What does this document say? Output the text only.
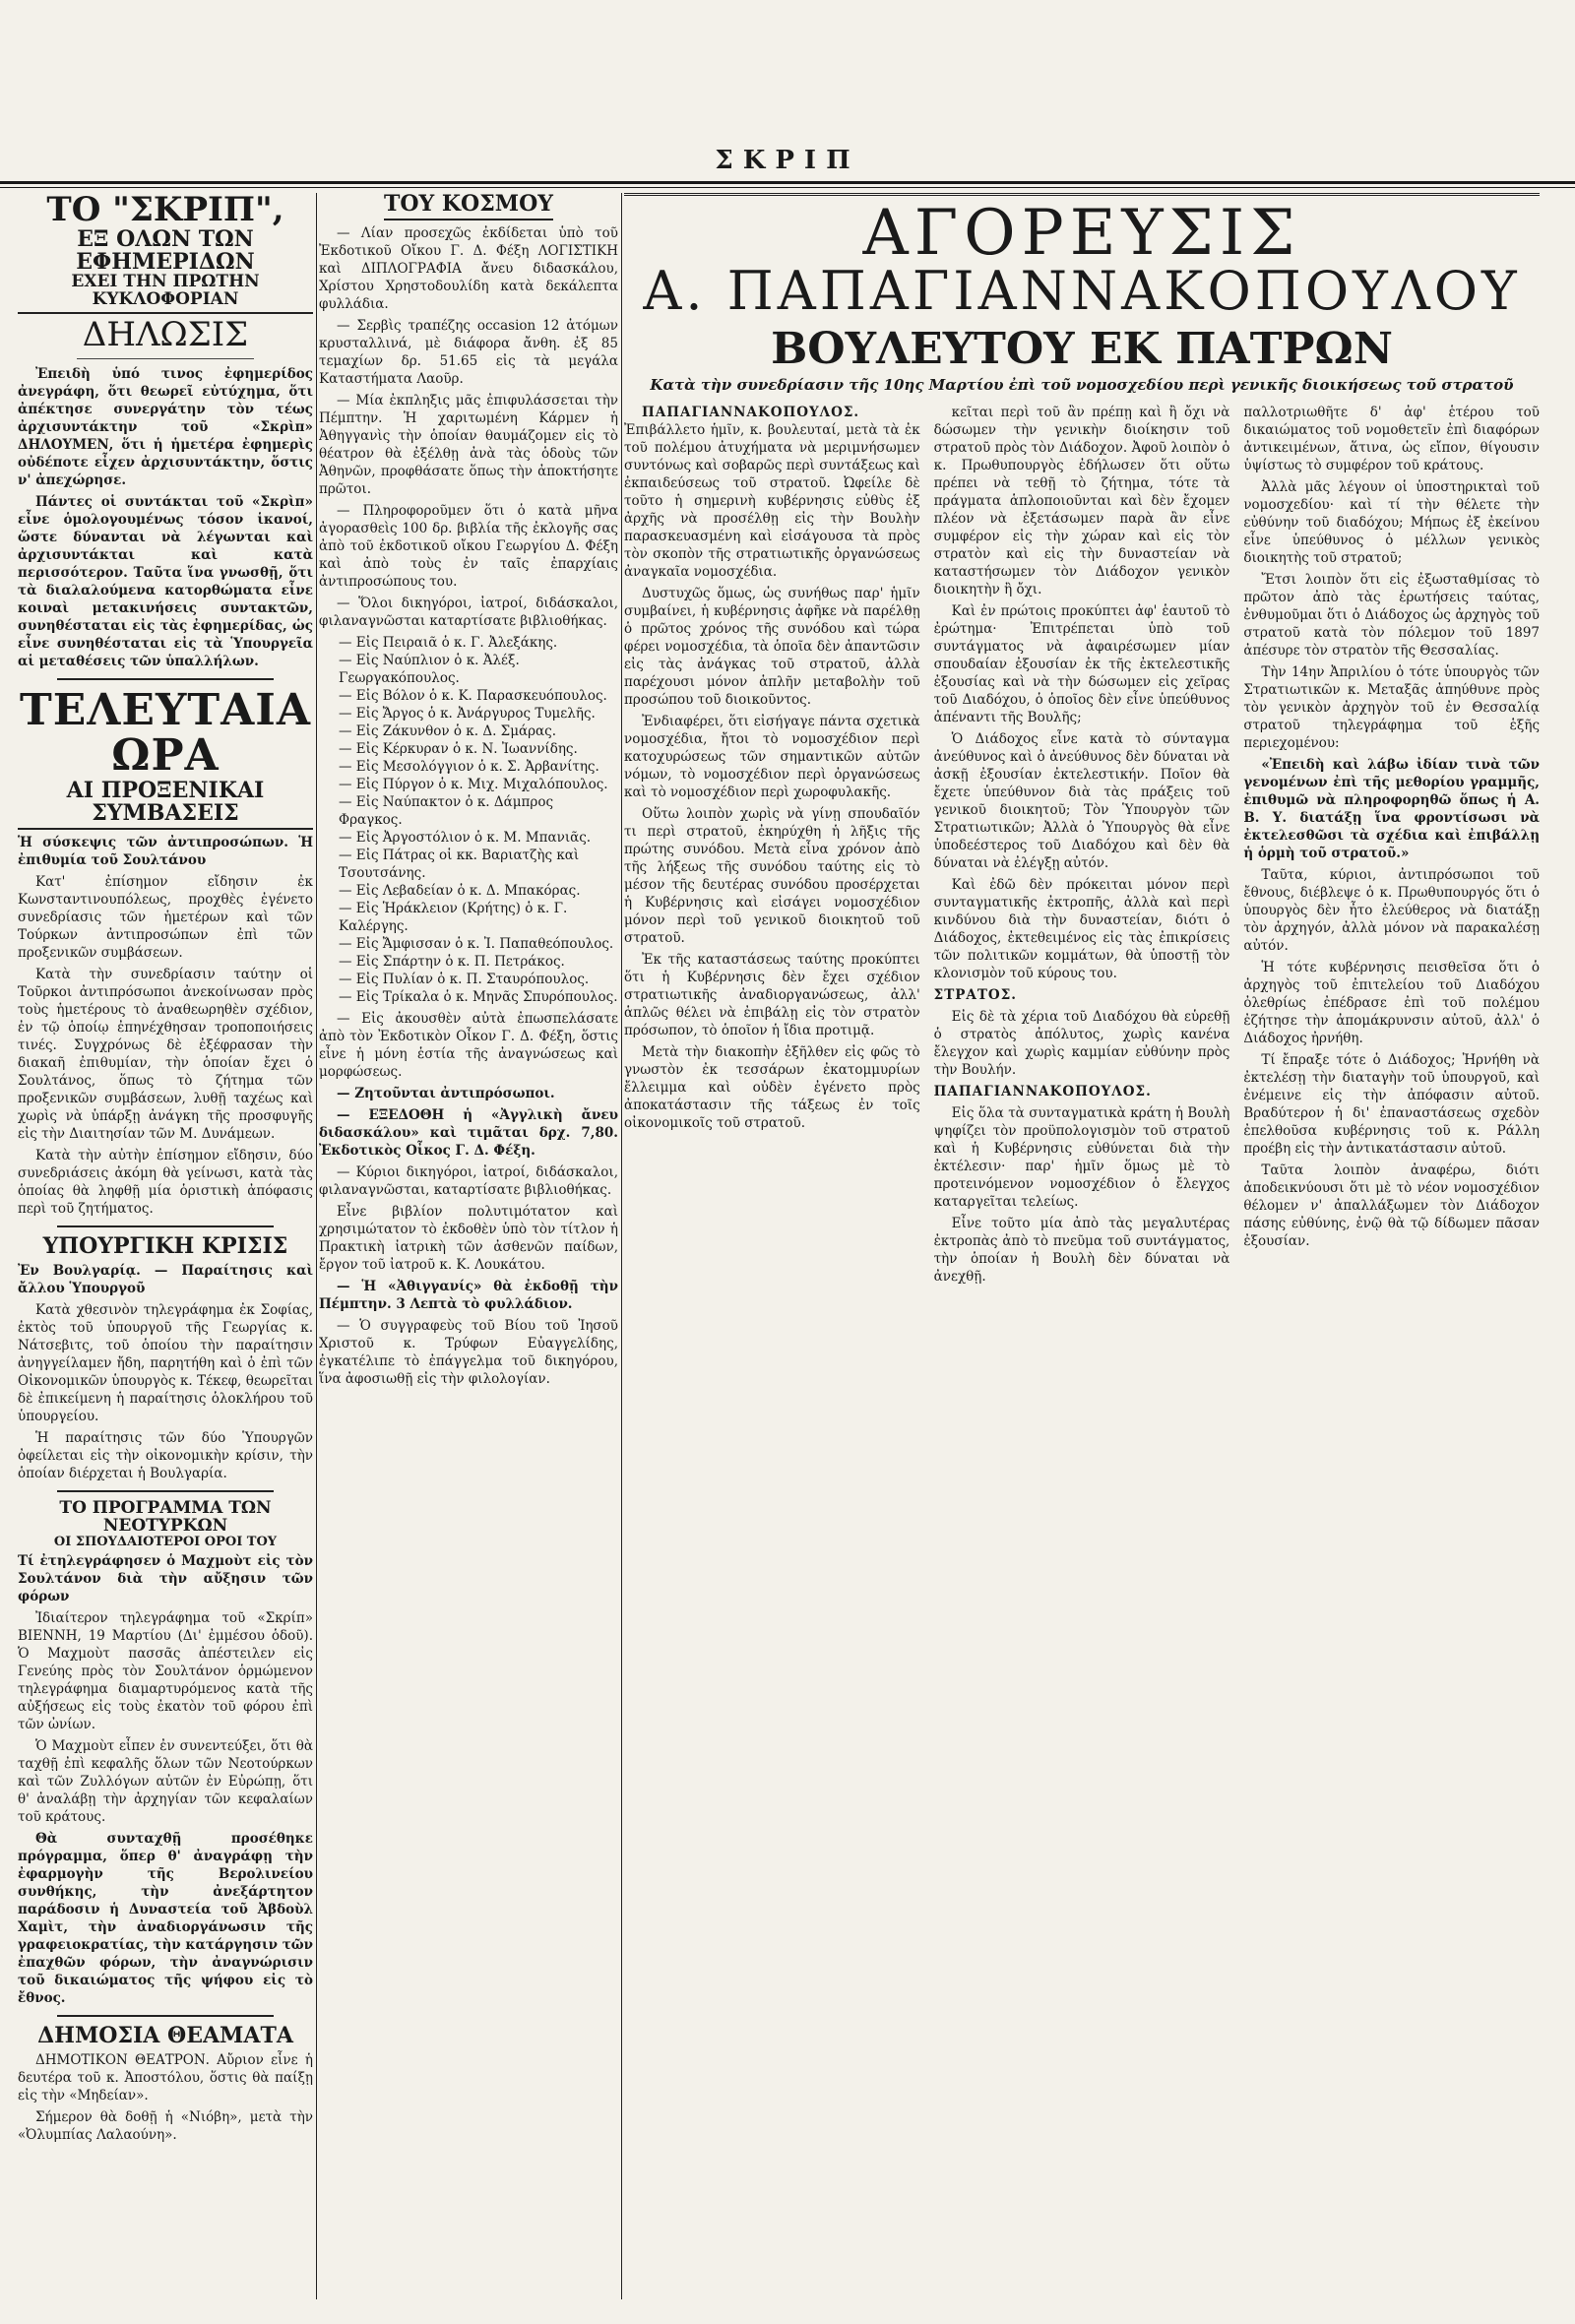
ΣΚΡΙΠ
ΤΟ "ΣΚΡΙΠ",
ΕΞ ΟΛΩΝ ΤΩΝ ΕΦΗΜΕΡΙΔΩΝ
ΕΧΕΙ ΤΗΝ ΠΡΩΤΗΝ ΚΥΚΛΟΦΟΡΙΑΝ
ΔΗΛΩΣΙΣ

Ἐπειδὴ ὑπό τινος ἐφημερίδος ἀνεγράφη, ὅτι θεωρεῖ εὐτύχημα, ὅτι ἀπέκτησε συνεργάτην τὸν τέως ἀρχισυντάκτην τοῦ «Σκρὶπ» ΔΗΛΟΥΜΕΝ, ὅτι ἡ ἡμετέρα ἐφημερὶς οὐδέποτε εἶχεν ἀρχισυντάκτην, ὅστις ν' ἀπεχώρησε.

Πάντες οἱ συντάκται τοῦ «Σκρὶπ» εἶνε ὁμολογουμένως τόσον ἱκανοί, ὥστε δύνανται νὰ λέγωνται καὶ ἀρχισυντάκται καὶ κατὰ περισσότερον. Ταῦτα ἵνα γνωσθῇ, ὅτι τὰ διαλαλούμενα κατορθώματα εἶνε κοιναὶ μετακινήσεις συντακτῶν, συνηθέσταται εἰς τὰς ἐφημερίδας, ὡς εἶνε συνηθέσταται εἰς τὰ Ὑπουργεῖα αἱ μεταθέσεις τῶν ὑπαλλήλων.

ΤΕΛΕΥΤΑΙΑ ΩΡΑ
ΑΙ ΠΡΟΞΕΝΙΚΑΙ ΣΥΜΒΑΣΕΙΣ

Ἡ σύσκεψις τῶν ἀντιπροσώπων. Ἡ ἐπιθυμία τοῦ Σουλτάνου

Κατ' ἐπίσημον εἴδησιν ἐκ Κωνσταντινουπόλεως, προχθὲς ἐγένετο συνεδρίασις τῶν ἡμετέρων καὶ τῶν Τούρκων ἀντιπροσώπων ἐπὶ τῶν προξενικῶν συμβάσεων.

Κατὰ τὴν συνεδρίασιν ταύτην οἱ Τοῦρκοι ἀντιπρόσωποι ἀνεκοίνωσαν πρὸς τοὺς ἡμετέρους τὸ ἀναθεωρηθὲν σχέδιον, ἐν τῷ ὁποίῳ ἐπηνέχθησαν τροποποιήσεις τινές. Συγχρόνως δὲ ἐξέφρασαν τὴν διακαῆ ἐπιθυμίαν, τὴν ὁποίαν ἔχει ὁ Σουλτάνος, ὅπως τὸ ζήτημα τῶν προξενικῶν συμβάσεων, λυθῇ ταχέως καὶ χωρὶς νὰ ὑπάρξῃ ἀνάγκη τῆς προσφυγῆς εἰς τὴν Διαιτησίαν τῶν Μ. Δυνάμεων.

Κατὰ τὴν αὐτὴν ἐπίσημον εἴδησιν, δύο συνεδριάσεις ἀκόμη θὰ γείνωσι, κατὰ τὰς ὁποίας θὰ ληφθῇ μία ὁριστικὴ ἀπόφασις περὶ τοῦ ζητήματος.

ΥΠΟΥΡΓΙΚΗ ΚΡΙΣΙΣ

Ἐν Βουλγαρίᾳ. — Παραίτησις καὶ ἄλλου Ὑπουργοῦ

Κατὰ χθεσινὸν τηλεγράφημα ἐκ Σοφίας, ἐκτὸς τοῦ ὑπουργοῦ τῆς Γεωργίας κ. Νάτσεβιτς, τοῦ ὁποίου τὴν παραίτησιν ἀνηγγείλαμεν ἤδη, παρητήθη καὶ ὁ ἐπὶ τῶν Οἰκονομικῶν ὑπουργὸς κ. Τέκεφ, θεωρεῖται δὲ ἐπικείμενη ἡ παραίτησις ὁλοκλήρου τοῦ ὑπουργείου.

Ἡ παραίτησις τῶν δύο Ὑπουργῶν ὀφείλεται εἰς τὴν οἰκονομικὴν κρίσιν, τὴν ὁποίαν διέρχεται ἡ Βουλγαρία.

ΤΟ ΠΡΟΓΡΑΜΜΑ ΤΩΝ ΝΕΟΤΥΡΚΩΝ
ΟΙ ΣΠΟΥΔΑΙΟΤΕΡΟΙ ΟΡΟΙ ΤΟΥ

Τί ἐτηλεγράφησεν ὁ Μαχμοὺτ εἰς τὸν Σουλτάνον διὰ τὴν αὔξησιν τῶν φόρων

Ἰδιαίτερον τηλεγράφημα τοῦ «Σκρίπ» ΒΙΕΝΝΗ, 19 Μαρτίου (Δι' ἐμμέσου ὁδοῦ). Ὁ Μαχμοὺτ πασσᾶς ἀπέστειλεν εἰς Γενεύης πρὸς τὸν Σουλτάνον ὁρμώμενον τηλεγράφημα διαμαρτυρόμενος κατὰ τῆς αὐξήσεως εἰς τοὺς ἐκατὸν τοῦ φόρου ἐπὶ τῶν ὠνίων.

Ὁ Μαχμοὺτ εἶπεν ἐν συνεντεύξει, ὅτι θὰ ταχθῇ ἐπὶ κεφαλῆς ὅλων τῶν Νεοτούρκων καὶ τῶν Ζυλλόγων αὐτῶν ἐν Εὐρώπῃ, ὅτι θ' ἀναλάβῃ τὴν ἀρχηγίαν τῶν κεφαλαίων τοῦ κράτους.

Θὰ συνταχθῇ προσέθηκε πρόγραμμα, ὅπερ θ' ἀναγράφῃ τὴν ἐφαρμογὴν τῆς Βερολινείου συνθήκης, τὴν ἀνεξάρτητον παράδοσιν ἡ Δυναστεία τοῦ Ἀβδοὺλ Χαμὶτ, τὴν ἀναδιοργάνωσιν τῆς γραφειοκρατίας, τὴν κατάργησιν τῶν ἐπαχθῶν φόρων, τὴν ἀναγνώρισιν τοῦ δικαιώματος τῆς ψήφου εἰς τὸ ἔθνος.

ΔΗΜΟΣΙΑ ΘΕΑΜΑΤΑ

ΔΗΜΟΤΙΚΟΝ ΘΕΑΤΡΟΝ. Αὔριον εἶνε ἡ δευτέρα τοῦ κ. Ἀποστόλου, ὅστις θὰ παίξῃ εἰς τὴν «Μηδείαν».

Σήμερον θὰ δοθῇ ἡ «Νιόβη», μετὰ τὴν «Ὀλυμπίας Λαλαούνη».

ΤΟΥ ΚΟΣΜΟΥ

— Λίαν προσεχῶς ἐκδίδεται ὑπὸ τοῦ Ἐκδοτικοῦ Οἴκου Γ. Δ. Φέξη ΛΟΓΙΣΤΙΚΗ καὶ ΔΙΠΛΟΓΡΑΦΙΑ ἄνευ διδασκάλου, Χρίστου Χρηστοδουλίδη κατὰ δεκάλεπτα φυλλάδια.

— Σερβὶς τραπέζης occasion 12 ἀτόμων κρυσταλλινά, μὲ διάφορα ἄνθη. ἐξ 85 τεμαχίων δρ. 51.65 εἰς τὰ μεγάλα Καταστήματα Λαοῦρ.

— Μία ἐκπληξις μᾶς ἐπιφυλάσσεται τὴν Πέμπτην. Ἡ χαριτωμένη Κάρμεν ἡ Ἀθηγγανὶς τὴν ὁποίαν θαυμάζομεν εἰς τὸ θέατρον θὰ ἐξέλθῃ ἀνὰ τὰς ὁδοὺς τῶν Ἀθηνῶν, προφθάσατε ὅπως τὴν ἀποκτήσητε πρῶτοι.

— Πληροφοροῦμεν ὅτι ὁ κατὰ μῆνα ἀγορασθεὶς 100 δρ. βιβλία τῆς ἐκλογῆς σας ἀπὸ τοῦ ἐκδοτικοῦ οἴκου Γεωργίου Δ. Φέξη καὶ ἀπὸ τοὺς ἐν ταῖς ἐπαρχίαις ἀντιπροσώπους του.

— Ὅλοι δικηγόροι, ἰατροί, διδάσκαλοι, φιλαναγνῶσται καταρτίσατε βιβλιοθήκας.

— Εἰς Πειραιᾶ ὁ κ. Γ. Ἀλεξάκης.
— Εἰς Ναύπλιον ὁ κ. Ἀλέξ. Γεωργακόπουλος.
— Εἰς Βόλον ὁ κ. Κ. Παρασκευόπουλος.
— Εἰς Ἄργος ὁ κ. Ἀνάργυρος Τυμελῆς.
— Εἰς Ζάκυνθον ὁ κ. Δ. Σμάρας.
— Εἰς Κέρκυραν ὁ κ. Ν. Ἰωαννίδης.
— Εἰς Μεσολόγγιον ὁ κ. Σ. Ἀρβανίτης.
— Εἰς Πύργον ὁ κ. Μιχ. Μιχαλόπουλος.
— Εἰς Ναύπακτον ὁ κ. Δάμπρος Φραγκος.
— Εἰς Ἀργοστόλιον ὁ κ. Μ. Μπανιᾶς.
— Εἰς Πάτρας οἱ κκ. Βαριατζὴς καὶ Τσουτσάνης.
— Εἰς Λεβαδείαν ὁ κ. Δ. Μπακόρας.
— Εἰς Ἡράκλειον (Κρήτης) ὁ κ. Γ. Καλέργης.
— Εἰς Ἄμφισσαν ὁ κ. Ἰ. Παπαθεόπουλος.
— Εἰς Σπάρτην ὁ κ. Π. Πετράκος.
— Εἰς Πυλίαν ὁ κ. Π. Σταυρόπουλος.
— Εἰς Τρίκαλα ὁ κ. Μηνᾶς Σπυρόπουλος.

— Εἰς ἀκουσθὲν αὐτὰ ἐπωσπελάσατε ἀπὸ τὸν Ἐκδοτικὸν Οἶκον Γ. Δ. Φέξη, ὅστις εἶνε ἡ μόνη ἑστία τῆς ἀναγνώσεως καὶ μορφώσεως.

— Ζητοῦνται ἀντιπρόσωποι.

— ΕΞΕΔΟΘΗ ἡ «Ἀγγλικὴ ἄνευ διδασκάλου» καὶ τιμᾶται δρχ. 7,80. Ἐκδοτικὸς Οἶκος Γ. Δ. Φέξη.

— Κύριοι δικηγόροι, ἰατροί, διδάσκαλοι, φιλαναγνῶσται, καταρτίσατε βιβλιοθήκας.

Εἶνε βιβλίον πολυτιμότατον καὶ χρησιμώτατον τὸ ἐκδοθὲν ὑπὸ τὸν τίτλον ἡ Πρακτικὴ ἰατρικὴ τῶν ἀσθενῶν παίδων, ἔργον τοῦ ἰατροῦ κ. Κ. Λουκάτου.

— Ἡ «Ἀθιγγανίς» θὰ ἐκδοθῇ τὴν Πέμπτην. 3 Λεπτὰ τὸ φυλλάδιον.

— Ὁ συγγραφεὺς τοῦ Βίου τοῦ Ἰησοῦ Χριστοῦ κ. Τρύφων Εὐαγγελίδης, ἐγκατέλιπε τὸ ἐπάγγελμα τοῦ δικηγόρου, ἵνα ἀφοσιωθῇ εἰς τὴν φιλολογίαν.

ΑΓΟΡΕΥΣΙΣ
Α. ΠΑΠΑΓΙΑΝΝΑΚΟΠΟΥΛΟΥ
ΒΟΥΛΕΥΤΟΥ ΕΚ ΠΑΤΡΩΝ

Κατὰ τὴν συνεδρίασιν τῆς 10ης Μαρτίου ἐπὶ τοῦ νομοσχεδίου περὶ γενικῆς διοικήσεως τοῦ στρατοῦ

ΠΑΠΑΓΙΑΝΝΑΚΟΠΟΥΛΟΣ. Ἐπιβάλλετο ἡμῖν, κ. βουλευταί, μετὰ τὰ ἐκ τοῦ πολέμου ἀτυχήματα νὰ μεριμνήσωμεν συντόνως καὶ σοβαρῶς περὶ συντάξεως καὶ ἐκπαιδεύσεως τοῦ στρατοῦ. Ὠφείλε δὲ τοῦτο ἡ σημερινὴ κυβέρνησις εὐθὺς ἐξ ἀρχῆς νὰ προσέλθῃ εἰς τὴν Βουλὴν παρασκευασμένη καὶ εἰσάγουσα τὰ πρὸς τὸν σκοπὸν τῆς στρατιωτικῆς ὀργανώσεως ἀναγκαῖα νομοσχέδια.

Δυστυχῶς ὅμως, ὡς συνήθως παρ' ἡμῖν συμβαίνει, ἡ κυβέρνησις ἀφῆκε νὰ παρέλθῃ ὁ πρῶτος χρόνος τῆς συνόδου καὶ τώρα φέρει νομοσχέδια, τὰ ὁποῖα δὲν ἀπαντῶσιν εἰς τὰς ἀνάγκας τοῦ στρατοῦ, ἀλλὰ παρέχουσι μόνον ἁπλῆν μεταβολὴν τοῦ προσώπου τοῦ διοικοῦντος.

Ἐνδιαφέρει, ὅτι εἰσήγαγε πάντα σχετικὰ νομοσχέδια, ἤτοι τὸ νομοσχέδιον περὶ κατοχυρώσεως τῶν σημαντικῶν αὐτῶν νόμων, τὸ νομοσχέδιον περὶ ὀργανώσεως καὶ τὸ νομοσχέδιον περὶ χωροφυλακῆς.

Οὕτω λοιπὸν χωρὶς νὰ γίνῃ σπουδαῖόν τι περὶ στρατοῦ, ἐκηρύχθη ἡ λῆξις τῆς πρώτης συνόδου. Μετὰ εἶνα χρόνον ἀπὸ τῆς λήξεως τῆς συνόδου ταύτης εἰς τὸ μέσον τῆς δευτέρας συνόδου προσέρχεται ἡ Κυβέρνησις καὶ εἰσάγει νομοσχέδιον μόνον περὶ τοῦ γενικοῦ διοικητοῦ τοῦ στρατοῦ.

Ἐκ τῆς καταστάσεως ταύτης προκύπτει ὅτι ἡ Κυβέρνησις δὲν ἔχει σχέδιον στρατιωτικῆς ἀναδιοργανώσεως, ἀλλ' ἁπλῶς θέλει νὰ ἐπιβάλῃ εἰς τὸν στρατὸν πρόσωπον, τὸ ὁποῖον ἡ ἴδια προτιμᾷ.

Μετὰ τὴν διακοπὴν ἐξῆλθεν εἰς φῶς τὸ γνωστὸν ἐκ τεσσάρων ἐκατομμυρίων ἔλλειμμα καὶ οὐδὲν ἐγένετο πρὸς ἀποκατάστασιν τῆς τάξεως ἐν τοῖς οἰκονομικοῖς τοῦ στρατοῦ.

κεῖται περὶ τοῦ ἂν πρέπῃ καὶ ἢ ὄχι νὰ δώσωμεν τὴν γενικὴν διοίκησιν τοῦ στρατοῦ πρὸς τὸν Διάδοχον. Ἀφοῦ λοιπὸν ὁ κ. Πρωθυπουργὸς ἐδήλωσεν ὅτι οὕτω πρέπει νὰ τεθῇ τὸ ζήτημα, τότε τὰ πράγματα ἁπλοποιοῦνται καὶ δὲν ἔχομεν πλέον νὰ ἐξετάσωμεν παρὰ ἂν εἶνε συμφέρον εἰς τὴν χώραν καὶ εἰς τὸν στρατὸν καὶ εἰς τὴν δυναστείαν νὰ καταστήσωμεν τὸν Διάδοχον γενικὸν διοικητὴν ἢ ὄχι.

Καὶ ἐν πρώτοις προκύπτει ἀφ' ἑαυτοῦ τὸ ἐρώτημα· Ἐπιτρέπεται ὑπὸ τοῦ συντάγματος νὰ ἀφαιρέσωμεν μίαν σπουδαίαν ἐξουσίαν ἐκ τῆς ἐκτελεστικῆς ἐξουσίας καὶ νὰ τὴν δώσωμεν εἰς χεῖρας τοῦ Διαδόχου, ὁ ὁποῖος δὲν εἶνε ὑπεύθυνος ἀπέναντι τῆς Βουλῆς;

Ὁ Διάδοχος εἶνε κατὰ τὸ σύνταγμα ἀνεύθυνος καὶ ὁ ἀνεύθυνος δὲν δύναται νὰ ἀσκῇ ἐξουσίαν ἐκτελεστικήν. Ποῖον θὰ ἔχετε ὑπεύθυνον διὰ τὰς πράξεις τοῦ γενικοῦ διοικητοῦ; Τὸν Ὑπουργὸν τῶν Στρατιωτικῶν; Ἀλλὰ ὁ Ὑπουργὸς θὰ εἶνε ὑποδεέστερος τοῦ Διαδόχου καὶ δὲν θὰ δύναται νὰ ἐλέγξῃ αὐτόν.

Καὶ ἐδῶ δὲν πρόκειται μόνον περὶ συνταγματικῆς ἐκτροπῆς, ἀλλὰ καὶ περὶ κινδύνου διὰ τὴν δυναστείαν, διότι ὁ Διάδοχος, ἐκτεθειμένος εἰς τὰς ἐπικρίσεις τῶν πολιτικῶν κομμάτων, θὰ ὑποστῇ τὸν κλονισμὸν τοῦ κύρους του.

ΣΤΡΑΤΟΣ.

Εἰς δὲ τὰ χέρια τοῦ Διαδόχου θὰ εὑρεθῇ ὁ στρατὸς ἀπόλυτος, χωρὶς κανένα ἔλεγχον καὶ χωρὶς καμμίαν εὐθύνην πρὸς τὴν Βουλήν.

ΠΑΠΑΓΙΑΝΝΑΚΟΠΟΥΛΟΣ.

Εἰς ὅλα τὰ συνταγματικὰ κράτη ἡ Βουλὴ ψηφίζει τὸν προϋπολογισμὸν τοῦ στρατοῦ καὶ ἡ Κυβέρνησις εὐθύνεται διὰ τὴν ἐκτέλεσιν· παρ' ἡμῖν ὅμως μὲ τὸ προτεινόμενον νομοσχέδιον ὁ ἔλεγχος καταργεῖται τελείως.

Εἶνε τοῦτο μία ἀπὸ τὰς μεγαλυτέρας ἐκτροπὰς ἀπὸ τὸ πνεῦμα τοῦ συντάγματος, τὴν ὁποίαν ἡ Βουλὴ δὲν δύναται νὰ ἀνεχθῇ.

παλλοτριωθῆτε δ' ἀφ' ἑτέρου τοῦ δικαιώματος τοῦ νομοθετεῖν ἐπὶ διαφόρων ἀντικειμένων, ἅτινα, ὡς εἴπον, θίγουσιν ὑψίστως τὸ συμφέρον τοῦ κράτους.

Ἀλλὰ μᾶς λέγουν οἱ ὑποστηρικταὶ τοῦ νομοσχεδίου· καὶ τί τὴν θέλετε τὴν εὐθύνην τοῦ διαδόχου; Μήπως ἐξ ἐκείνου εἶνε ὑπεύθυνος ὁ μέλλων γενικὸς διοικητὴς τοῦ στρατοῦ;

Ἔτσι λοιπὸν ὅτι εἰς ἐξωσταθμίσας τὸ πρῶτον ἀπὸ τὰς ἐρωτήσεις ταύτας, ἐνθυμοῦμαι ὅτι ὁ Διάδοχος ὡς ἀρχηγὸς τοῦ στρατοῦ κατὰ τὸν πόλεμον τοῦ 1897 ἀπέσυρε τὸν στρατὸν τῆς Θεσσαλίας.

Τὴν 14ην Ἀπριλίου ὁ τότε ὑπουργὸς τῶν Στρατιωτικῶν κ. Μεταξᾶς ἀπηύθυνε πρὸς τὸν γενικὸν ἀρχηγὸν τοῦ ἐν Θεσσαλίᾳ στρατοῦ τηλεγράφημα τοῦ ἑξῆς περιεχομένου:

«Ἐπειδὴ καὶ λάβω ἰδίαν τινὰ τῶν γενομένων ἐπὶ τῆς μεθορίου γραμμῆς, ἐπιθυμῶ νὰ πληροφορηθῶ ὅπως ἡ Α. Β. Υ. διατάξῃ ἵνα φροντίσωσι νὰ ἐκτελεσθῶσι τὰ σχέδια καὶ ἐπιβάλλῃ ἡ ὁρμὴ τοῦ στρατοῦ.»

Ταῦτα, κύριοι, ἀντιπρόσωποι τοῦ ἔθνους, διέβλεψε ὁ κ. Πρωθυπουργός ὅτι ὁ ὑπουργὸς δὲν ἦτο ἐλεύθερος νὰ διατάξῃ τὸν ἀρχηγόν, ἀλλὰ μόνον νὰ παρακαλέσῃ αὐτόν.

Ἡ τότε κυβέρνησις πεισθεῖσα ὅτι ὁ ἀρχηγὸς τοῦ ἐπιτελείου τοῦ Διαδόχου ὀλεθρίως ἐπέδρασε ἐπὶ τοῦ πολέμου ἐζήτησε τὴν ἀπομάκρυνσιν αὐτοῦ, ἀλλ' ὁ Διάδοχος ἠρνήθη.

Τί ἔπραξε τότε ὁ Διάδοχος; Ἠρνήθη νὰ ἐκτελέσῃ τὴν διαταγὴν τοῦ ὑπουργοῦ, καὶ ἐνέμεινε εἰς τὴν ἀπόφασιν αὐτοῦ. Βραδύτερον ἡ δι' ἐπαναστάσεως σχεδὸν ἐπελθοῦσα κυβέρνησις τοῦ κ. Ράλλη προέβη εἰς τὴν ἀντικατάστασιν αὐτοῦ.

Ταῦτα λοιπὸν ἀναφέρω, διότι ἀποδεικνύουσι ὅτι μὲ τὸ νέον νομοσχέδιον θέλομεν ν' ἀπαλλάξωμεν τὸν Διάδοχον πάσης εὐθύνης, ἐνῷ θὰ τῷ δίδωμεν πᾶσαν ἐξουσίαν.
